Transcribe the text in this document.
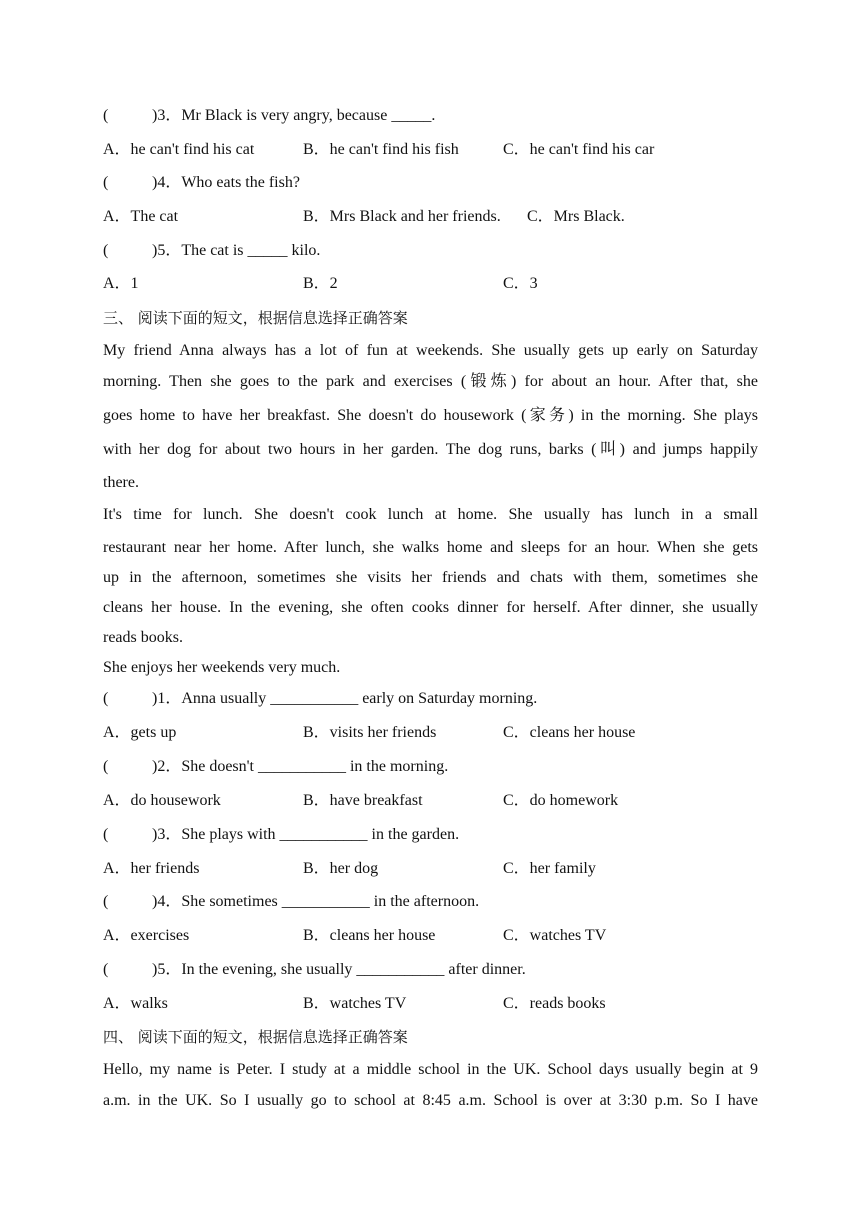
(	)3．Mr Black is very angry, because _____.
A．he can't find his cat	B．he can't find his fish	C．he can't find his car
(	)4．Who eats the fish?
A．The cat	B．Mrs Black and her friends. C．Mrs Black.
(	)5．The cat is _____ kilo.
A．1	B．2	C．3
三、 阅读下面的短文，根据信息选择正确答案
My friend Anna always has a lot of fun at weekends. She usually gets up early on Saturday
morning. Then she goes to the park and exercises (锻炼) for about an hour. After that, she
goes home to have her breakfast. She doesn't do housework (家务) in the morning. She plays
with her dog for about two hours in her garden. The dog runs, barks (叫) and jumps happily
there.
It's time for lunch. She doesn't cook lunch at home. She usually has lunch in a small
restaurant near her home. After lunch, she walks home and sleeps for an hour. When she gets
up in the afternoon, sometimes she visits her friends and chats with them, sometimes she
cleans her house. In the evening, she often cooks dinner for herself. After dinner, she usually
reads books.
She enjoys her weekends very much.
(	)1．Anna usually ___________ early on Saturday morning.
A．gets up	B．visits her friends	C．cleans her house
(	)2．She doesn't ___________ in the morning.
A．do housework	B．have breakfast	C．do homework
(	)3．She plays with ___________ in the garden.
A．her friends	B．her dog	C．her family
(	)4．She sometimes ___________ in the afternoon.
A．exercises	B．cleans her house	C．watches TV
(	)5．In the evening, she usually ___________ after dinner.
A．walks	B．watches TV	C．reads books
四、 阅读下面的短文，根据信息选择正确答案
Hello, my name is Peter. I study at a middle school in the UK. School days usually begin at 9
a.m. in the UK. So I usually go to school at 8:45 a.m. School is over at 3:30 p.m. So I have
